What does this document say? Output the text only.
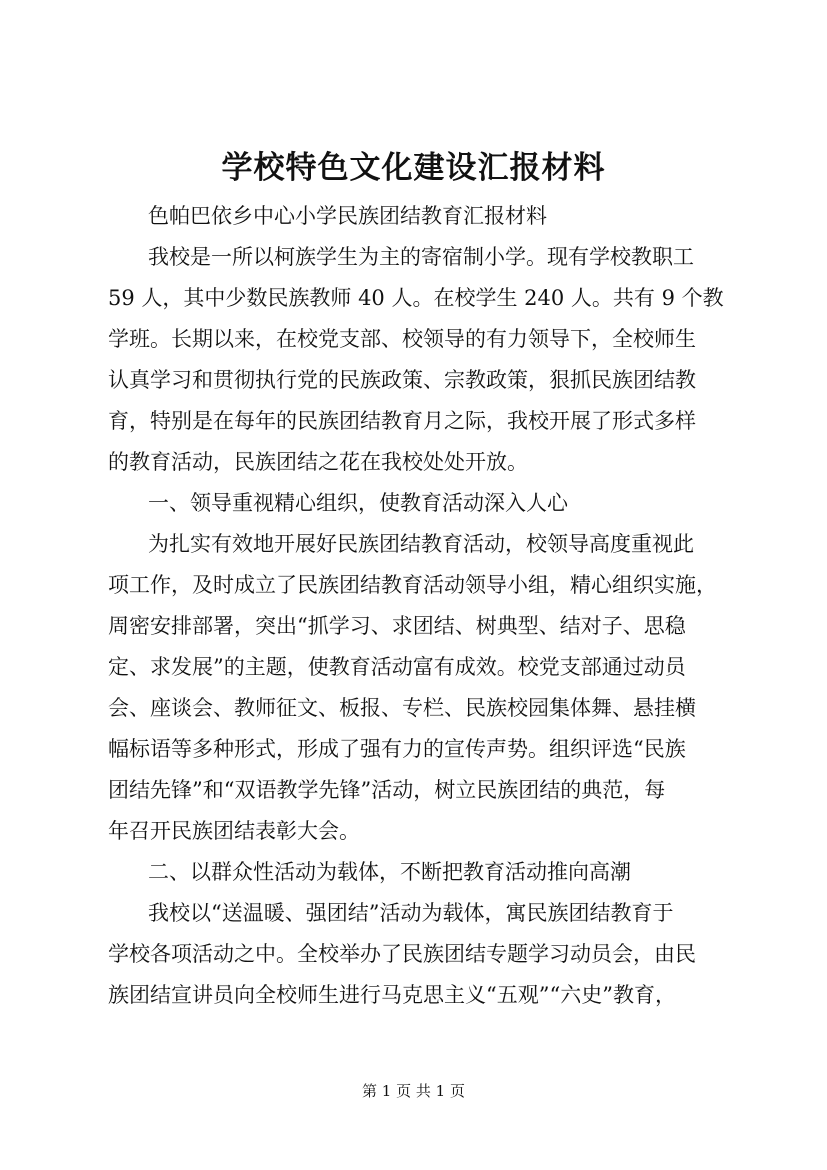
学校特色文化建设汇报材料
色帕巴依乡中心小学民族团结教育汇报材料
我校是一所以柯族学生为主的寄宿制小学。现有学校教职工
59 人，其中少数民族教师 40 人。在校学生 240 人。共有 9 个教
学班。长期以来，在校党支部、校领导的有力领导下，全校师生
认真学习和贯彻执行党的民族政策、宗教政策，狠抓民族团结教
育，特别是在每年的民族团结教育月之际，我校开展了形式多样
的教育活动，民族团结之花在我校处处开放。
一、领导重视精心组织，使教育活动深入人心
为扎实有效地开展好民族团结教育活动，校领导高度重视此
项工作，及时成立了民族团结教育活动领导小组，精心组织实施，
周密安排部署，突出“抓学习、求团结、树典型、结对子、思稳
定、求发展”的主题，使教育活动富有成效。校党支部通过动员
会、座谈会、教师征文、板报、专栏、民族校园集体舞、悬挂横
幅标语等多种形式，形成了强有力的宣传声势。组织评选“民族
团结先锋”和“双语教学先锋”活动，树立民族团结的典范，每
年召开民族团结表彰大会。
二、以群众性活动为载体，不断把教育活动推向高潮
我校以“送温暖、强团结”活动为载体，寓民族团结教育于
学校各项活动之中。全校举办了民族团结专题学习动员会，由民
族团结宣讲员向全校师生进行马克思主义“五观”“六史”教育，
第 1 页 共 1 页
